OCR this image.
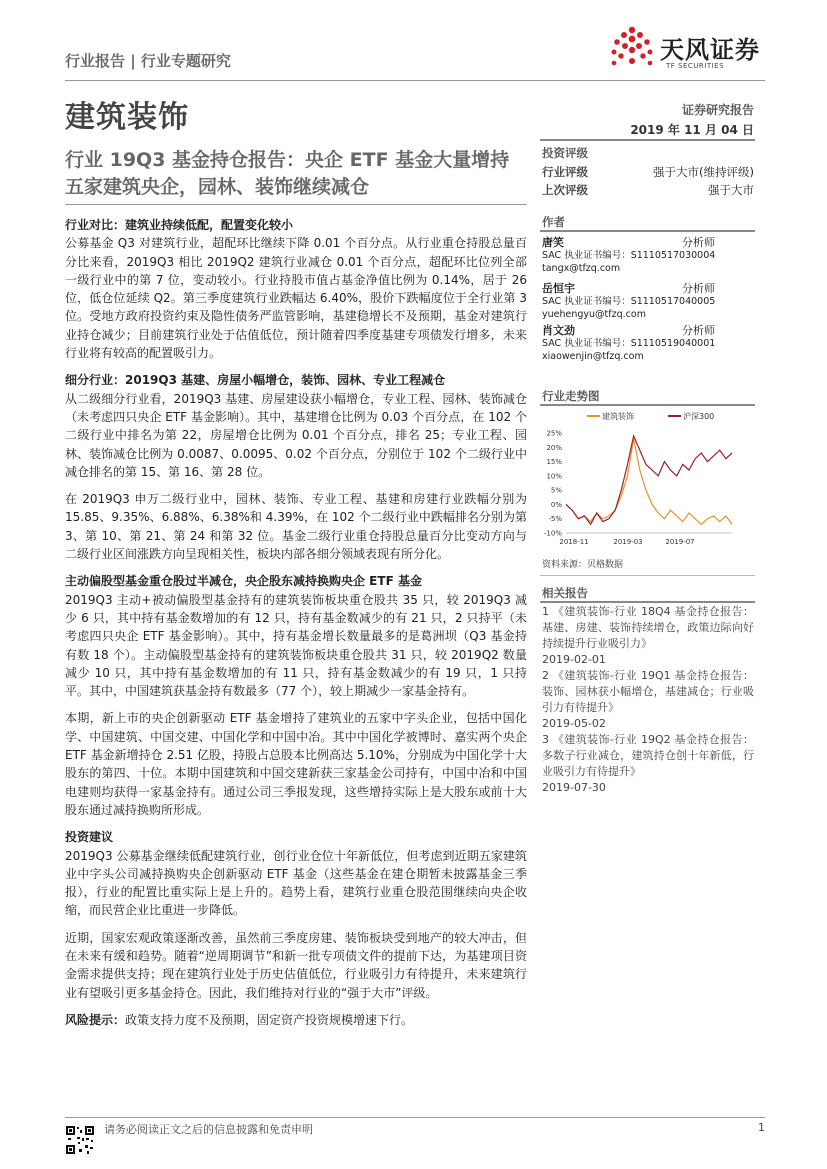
天风证券
TF SECURITIES
行业报告 | 行业专题研究
建筑装饰	证券研究报告
2019 年 11 月 04 日
行业 19Q3 基金持仓报告：央企 ETF 基金大量增持五家建筑央企，园林、装饰继续减仓
投资评级
行业评级	强于大市(维持评级)
上次评级	强于大市
作者
唐笑	分析师
SAC 执业证书编号：S1110517030004
tangx@tfzq.com
岳恒宇	分析师
SAC 执业证书编号：S1110517040005
yuehengyu@tfzq.com
肖文劲	分析师
SAC 执业证书编号：S1110519040001
xiaowenjin@tfzq.com
行业走势图
建筑装饰	沪深300
25%
20%
15%
10%
5%
0%
-5%
-10%
2018-11	2019-03	2019-07
资料来源：贝格数据
相关报告
1 《建筑装饰-行业 18Q4 基金持仓报告：基建、房建、装饰持续增仓，政策边际向好持续提升行业吸引力》
2019-02-01
2 《建筑装饰-行业 19Q1 基金持仓报告：装饰、园林获小幅增仓，基建减仓；行业吸引力有待提升》
2019-05-02
3 《建筑装饰-行业 19Q2 基金持仓报告：多数子行业减仓，建筑持仓创十年新低，行业吸引力有待提升》
2019-07-30

行业对比：建筑业持续低配，配置变化较小

公募基金 Q3 对建筑行业，超配环比继续下降 0.01 个百分点。从行业重仓持股总量百分比来看，2019Q3 相比 2019Q2 建筑行业减仓 0.01 个百分点，超配环比位列全部一级行业中的第 7 位，变动较小。行业持股市值占基金净值比例为 0.14%，居于 26 位，低仓位延续 Q2。第三季度建筑行业跌幅达 6.40%，股价下跌幅度位于全行业第 3 位。受地方政府投资约束及隐性债务严监管影响，基建稳增长不及预期，基金对建筑行业持仓减少；目前建筑行业处于估值低位，预计随着四季度基建专项债发行增多，未来行业将有较高的配置吸引力。

细分行业：2019Q3 基建、房屋小幅增仓，装饰、园林、专业工程减仓

从二级细分行业看，2019Q3 基建、房屋建设获小幅增仓，专业工程、园林、装饰减仓（未考虑四只央企 ETF 基金影响）。其中，基建增仓比例为 0.03 个百分点，在 102 个二级行业中排名为第 22，房屋增仓比例为 0.01 个百分点，排名 25；专业工程、园林、装饰减仓比例为 0.0087、0.0095、0.02 个百分点，分别位于 102 个二级行业中减仓排名的第 15、第 16、第 28 位。

在 2019Q3 申万二级行业中，园林、装饰、专业工程、基建和房建行业跌幅分别为 15.85、9.35%、6.88%、6.38%和 4.39%，在 102 个二级行业中跌幅排名分别为第 3、第 10、第 21、第 24 和第 32 位。基金二级行业重仓持股总量百分比变动方向与二级行业区间涨跌方向呈现相关性，板块内部各细分领域表现有所分化。

主动偏股型基金重仓股过半减仓，央企股东减持换购央企 ETF 基金

2019Q3 主动+被动偏股型基金持有的建筑装饰板块重仓股共 35 只，较 2019Q3 减少 6 只，其中持有基金数增加的有 12 只，持有基金数减少的有 21 只，2 只持平（未考虑四只央企 ETF 基金影响）。其中，持有基金增长数量最多的是葛洲坝（Q3 基金持有数 18 个）。主动偏股型基金持有的建筑装饰板块重仓股共 31 只，较 2019Q2 数量减少 10 只，其中持有基金数增加的有 11 只，持有基金数减少的有 19 只，1 只持平。其中，中国建筑获基金持有数最多（77 个），较上期减少一家基金持有。

本期，新上市的央企创新驱动 ETF 基金增持了建筑业的五家中字头企业，包括中国化学、中国建筑、中国交建、中国化学和中国中冶。其中中国化学被博时、嘉实两个央企 ETF 基金新增持仓 2.51 亿股，持股占总股本比例高达 5.10%，分别成为中国化学十大股东的第四、十位。本期中国建筑和中国交建新获三家基金公司持有，中国中冶和中国电建则均获得一家基金持有。通过公司三季报发现，这些增持实际上是大股东或前十大股东通过减持换购所形成。

投资建议

2019Q3 公募基金继续低配建筑行业，创行业仓位十年新低位，但考虑到近期五家建筑业中字头公司减持换购央企创新驱动 ETF 基金（这些基金在建仓期暂未披露基金三季报），行业的配置比重实际上是上升的。趋势上看，建筑行业重仓股范围继续向央企收缩，而民营企业比重进一步降低。

近期，国家宏观政策逐渐改善，虽然前三季度房建、装饰板块受到地产的较大冲击，但在未来有缓和趋势。随着“逆周期调节”和新一批专项债文件的提前下达，为基建项目资金需求提供支持；现在建筑行业处于历史估值低位，行业吸引力有待提升，未来建筑行业有望吸引更多基金持仓。因此，我们维持对行业的“强于大市”评级。

风险提示：政策支持力度不及预期，固定资产投资规模增速下行。

请务必阅读正文之后的信息披露和免责申明	1
